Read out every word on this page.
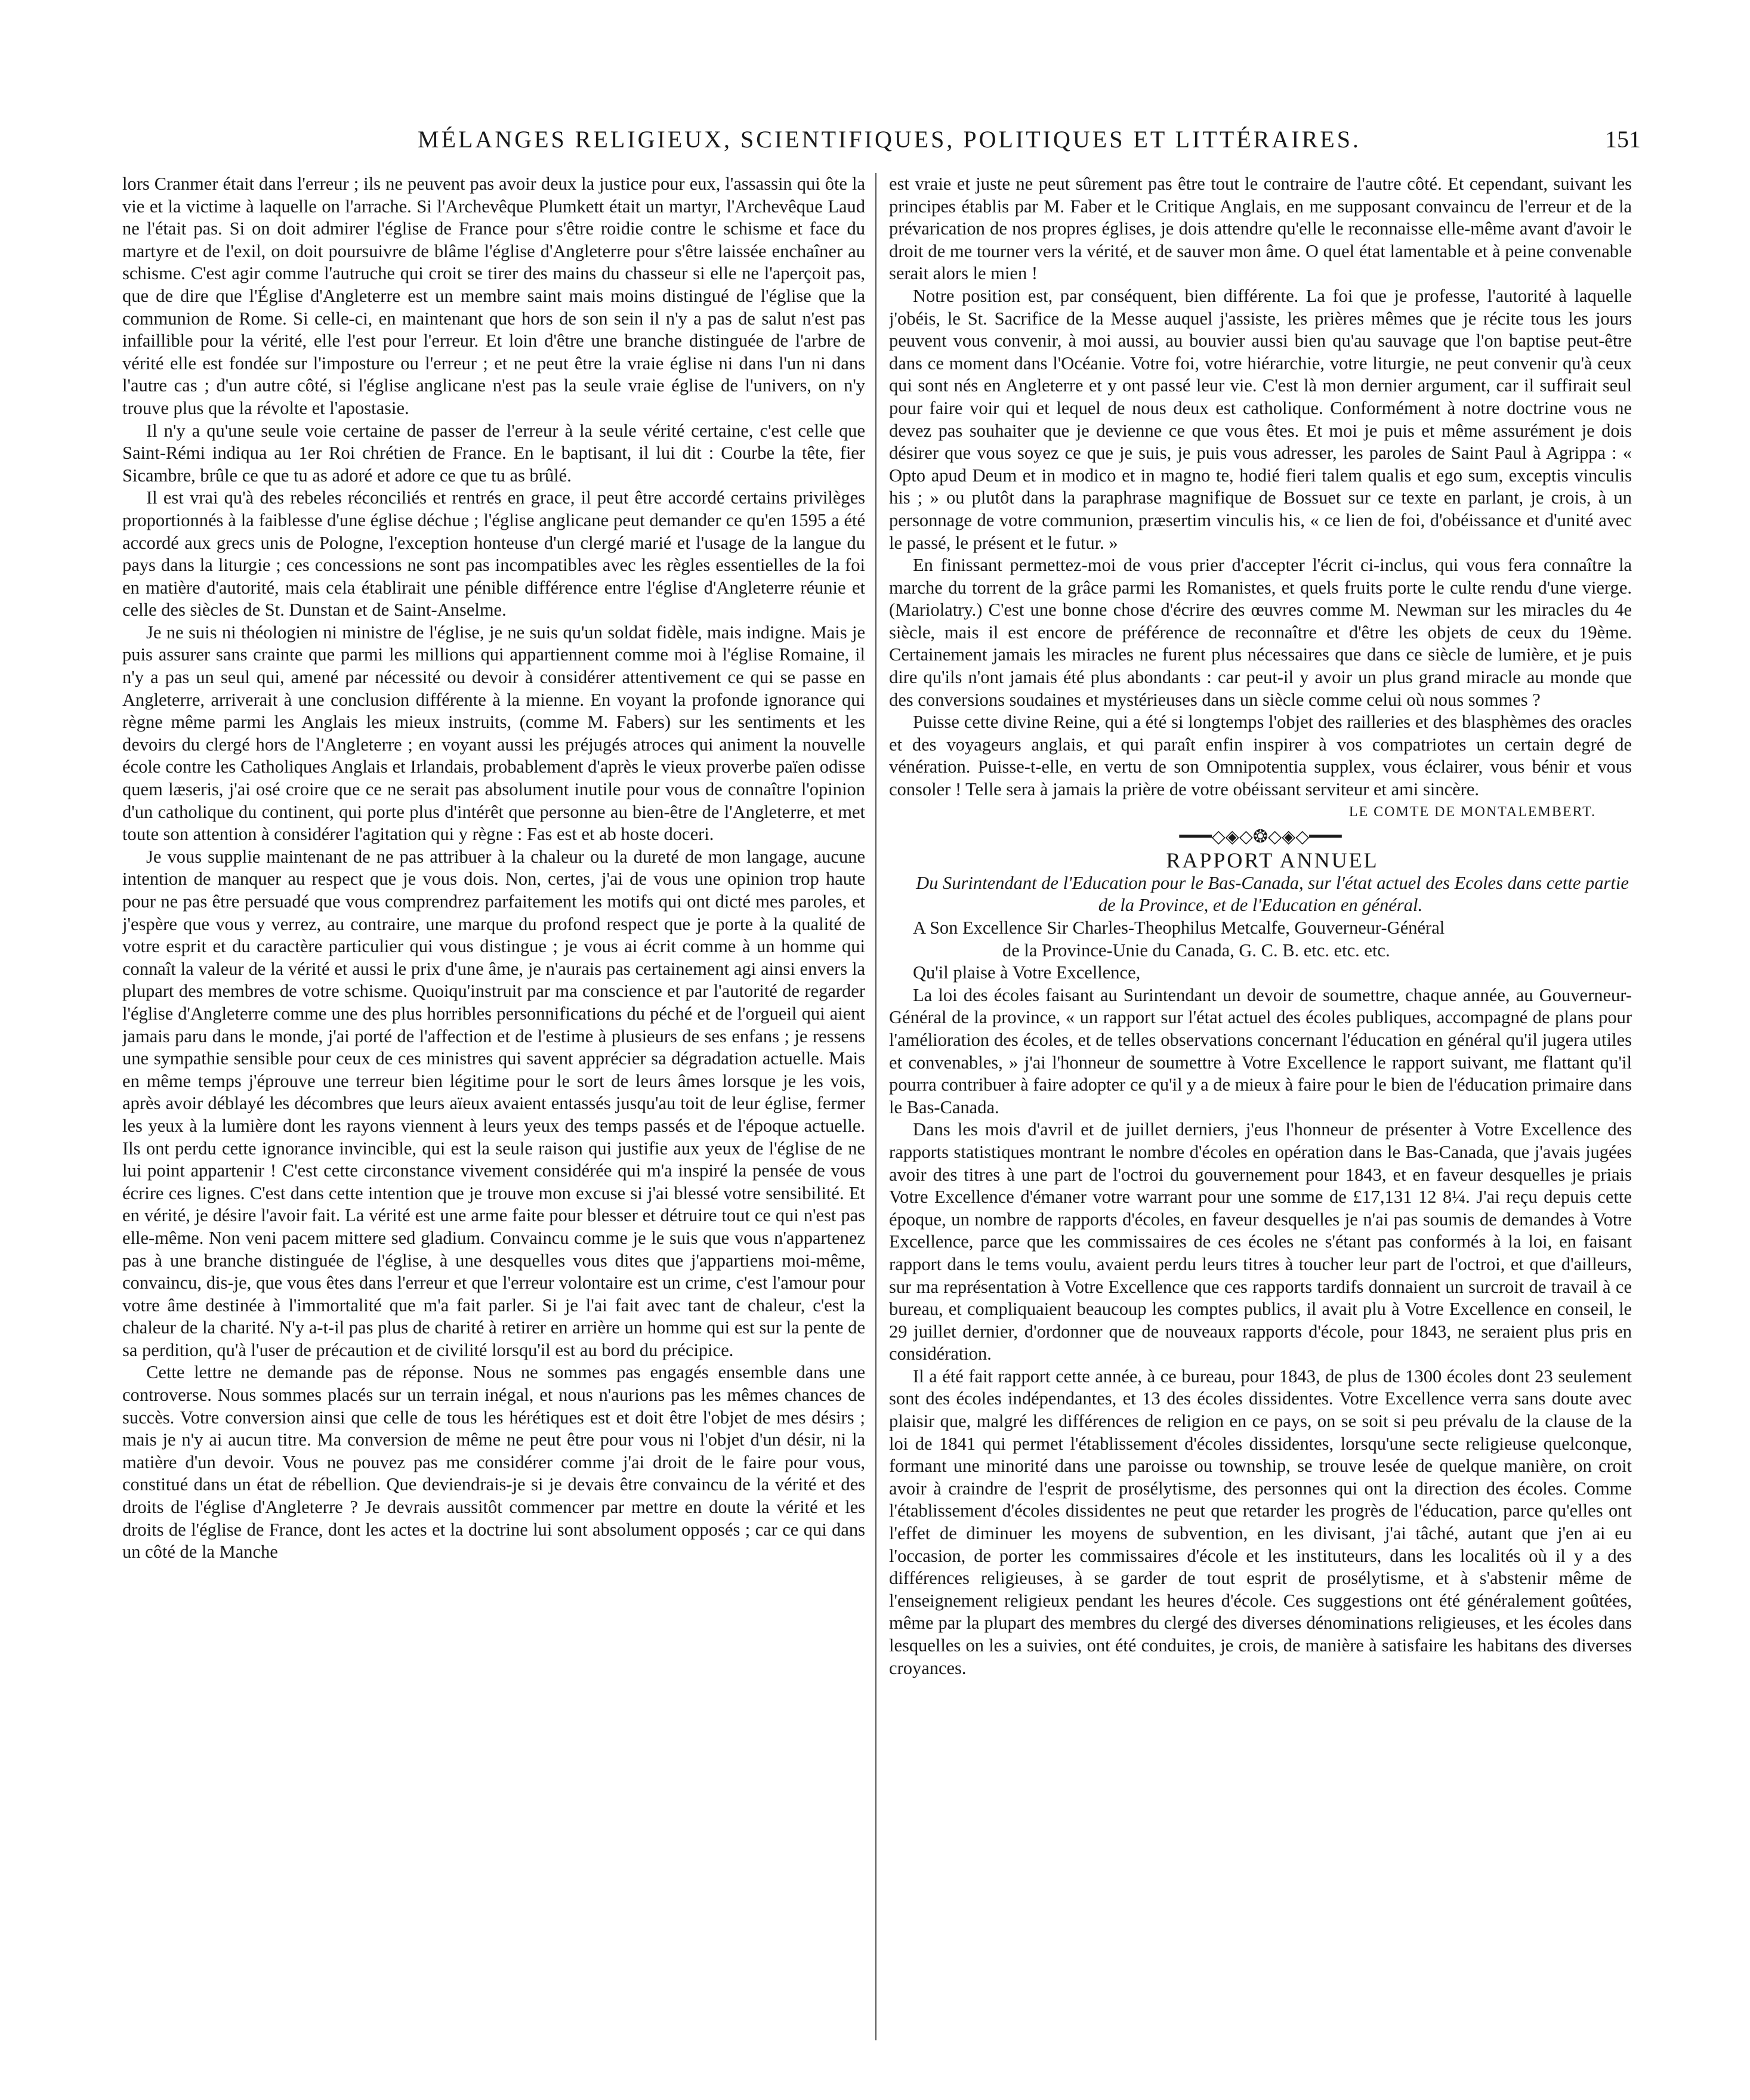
MÉLANGES RELIGIEUX, SCIENTIFIQUES, POLITIQUES ET LITTÉRAIRES.	151

lors Cranmer était dans l'erreur ; ils ne peuvent pas avoir deux la justice pour eux, l'assassin qui ôte la vie et la victime à laquelle on l'arrache. Si l'Archevêque Plumkett était un martyr, l'Archevêque Laud ne l'était pas. Si on doit admirer l'église de France pour s'être roidie contre le schisme et face du martyre et de l'exil, on doit poursuivre de blâme l'église d'Angleterre pour s'être laissée enchaîner au schisme. C'est agir comme l'autruche qui croit se tirer des mains du chasseur si elle ne l'aperçoit pas, que de dire que l'Église d'Angleterre est un membre saint mais moins distingué de l'église que la communion de Rome. Si celle-ci, en maintenant que hors de son sein il n'y a pas de salut n'est pas infaillible pour la vérité, elle l'est pour l'erreur. Et loin d'être une branche distinguée de l'arbre de vérité elle est fondée sur l'imposture ou l'erreur ; et ne peut être la vraie église ni dans l'un ni dans l'autre cas ; d'un autre côté, si l'église anglicane n'est pas la seule vraie église de l'univers, on n'y trouve plus que la révolte et l'apostasie.

Il n'y a qu'une seule voie certaine de passer de l'erreur à la seule vérité certaine, c'est celle que Saint-Rémi indiqua au 1er Roi chrétien de France. En le baptisant, il lui dit : Courbe la tête, fier Sicambre, brûle ce que tu as adoré et adore ce que tu as brûlé.

Il est vrai qu'à des rebeles réconciliés et rentrés en grace, il peut être accordé certains privilèges proportionnés à la faiblesse d'une église déchue ; l'église anglicane peut demander ce qu'en 1595 a été accordé aux grecs unis de Pologne, l'exception honteuse d'un clergé marié et l'usage de la langue du pays dans la liturgie ; ces concessions ne sont pas incompatibles avec les règles essentielles de la foi en matière d'autorité, mais cela établirait une pénible différence entre l'église d'Angleterre réunie et celle des siècles de St. Dunstan et de Saint-Anselme.

Je ne suis ni théologien ni ministre de l'église, je ne suis qu'un soldat fidèle, mais indigne. Mais je puis assurer sans crainte que parmi les millions qui appartiennent comme moi à l'église Romaine, il n'y a pas un seul qui, amené par nécessité ou devoir à considérer attentivement ce qui se passe en Angleterre, arriverait à une conclusion différente à la mienne. En voyant la profonde ignorance qui règne même parmi les Anglais les mieux instruits, (comme M. Fabers) sur les sentiments et les devoirs du clergé hors de l'Angleterre ; en voyant aussi les préjugés atroces qui animent la nouvelle école contre les Catholiques Anglais et Irlandais, probablement d'après le vieux proverbe païen odisse quem læseris, j'ai osé croire que ce ne serait pas absolument inutile pour vous de connaître l'opinion d'un catholique du continent, qui porte plus d'intérêt que personne au bien-être de l'Angleterre, et met toute son attention à considérer l'agitation qui y règne : Fas est et ab hoste doceri.

Je vous supplie maintenant de ne pas attribuer à la chaleur ou la dureté de mon langage, aucune intention de manquer au respect que je vous dois. Non, certes, j'ai de vous une opinion trop haute pour ne pas être persuadé que vous comprendrez parfaitement les motifs qui ont dicté mes paroles, et j'espère que vous y verrez, au contraire, une marque du profond respect que je porte à la qualité de votre esprit et du caractère particulier qui vous distingue ; je vous ai écrit comme à un homme qui connaît la valeur de la vérité et aussi le prix d'une âme, je n'aurais pas certainement agi ainsi envers la plupart des membres de votre schisme. Quoiqu'instruit par ma conscience et par l'autorité de regarder l'église d'Angleterre comme une des plus horribles personnifications du péché et de l'orgueil qui aient jamais paru dans le monde, j'ai porté de l'affection et de l'estime à plusieurs de ses enfans ; je ressens une sympathie sensible pour ceux de ces ministres qui savent apprécier sa dégradation actuelle. Mais en même temps j'éprouve une terreur bien légitime pour le sort de leurs âmes lorsque je les vois, après avoir déblayé les décombres que leurs aïeux avaient entassés jusqu'au toit de leur église, fermer les yeux à la lumière dont les rayons viennent à leurs yeux des temps passés et de l'époque actuelle. Ils ont perdu cette ignorance invincible, qui est la seule raison qui justifie aux yeux de l'église de ne lui point appartenir ! C'est cette circonstance vivement considérée qui m'a inspiré la pensée de vous écrire ces lignes. C'est dans cette intention que je trouve mon excuse si j'ai blessé votre sensibilité. Et en vérité, je désire l'avoir fait. La vérité est une arme faite pour blesser et détruire tout ce qui n'est pas elle-même. Non veni pacem mittere sed gladium. Convaincu comme je le suis que vous n'appartenez pas à une branche distinguée de l'église, à une desquelles vous dites que j'appartiens moi-même, convaincu, dis-je, que vous êtes dans l'erreur et que l'erreur volontaire est un crime, c'est l'amour pour votre âme destinée à l'immortalité que m'a fait parler. Si je l'ai fait avec tant de chaleur, c'est la chaleur de la charité. N'y a-t-il pas plus de charité à retirer en arrière un homme qui est sur la pente de sa perdition, qu'à l'user de précaution et de civilité lorsqu'il est au bord du précipice.

Cette lettre ne demande pas de réponse. Nous ne sommes pas engagés ensemble dans une controverse. Nous sommes placés sur un terrain inégal, et nous n'aurions pas les mêmes chances de succès. Votre conversion ainsi que celle de tous les hérétiques est et doit être l'objet de mes désirs ; mais je n'y ai aucun titre. Ma conversion de même ne peut être pour vous ni l'objet d'un désir, ni la matière d'un devoir. Vous ne pouvez pas me considérer comme j'ai droit de le faire pour vous, constitué dans un état de rébellion. Que deviendrais-je si je devais être convaincu de la vérité et des droits de l'église d'Angleterre ? Je devrais aussitôt commencer par mettre en doute la vérité et les droits de l'église de France, dont les actes et la doctrine lui sont absolument opposés ; car ce qui dans un côté de la Manche

est vraie et juste ne peut sûrement pas être tout le contraire de l'autre côté. Et cependant, suivant les principes établis par M. Faber et le Critique Anglais, en me supposant convaincu de l'erreur et de la prévarication de nos propres églises, je dois attendre qu'elle le reconnaisse elle-même avant d'avoir le droit de me tourner vers la vérité, et de sauver mon âme. O quel état lamentable et à peine convenable serait alors le mien !

Notre position est, par conséquent, bien différente. La foi que je professe, l'autorité à laquelle j'obéis, le St. Sacrifice de la Messe auquel j'assiste, les prières mêmes que je récite tous les jours peuvent vous convenir, à moi aussi, au bouvier aussi bien qu'au sauvage que l'on baptise peut-être dans ce moment dans l'Océanie. Votre foi, votre hiérarchie, votre liturgie, ne peut convenir qu'à ceux qui sont nés en Angleterre et y ont passé leur vie. C'est là mon dernier argument, car il suffirait seul pour faire voir qui et lequel de nous deux est catholique. Conformément à notre doctrine vous ne devez pas souhaiter que je devienne ce que vous êtes. Et moi je puis et même assurément je dois désirer que vous soyez ce que je suis, je puis vous adresser, les paroles de Saint Paul à Agrippa : « Opto apud Deum et in modico et in magno te, hodié fieri talem qualis et ego sum, exceptis vinculis his ; » ou plutôt dans la paraphrase magnifique de Bossuet sur ce texte en parlant, je crois, à un personnage de votre communion, præsertim vinculis his, « ce lien de foi, d'obéissance et d'unité avec le passé, le présent et le futur. »

En finissant permettez-moi de vous prier d'accepter l'écrit ci-inclus, qui vous fera connaître la marche du torrent de la grâce parmi les Romanistes, et quels fruits porte le culte rendu d'une vierge. (Mariolatry.) C'est une bonne chose d'écrire des œuvres comme M. Newman sur les miracles du 4e siècle, mais il est encore de préférence de reconnaître et d'être les objets de ceux du 19ème. Certainement jamais les miracles ne furent plus nécessaires que dans ce siècle de lumière, et je puis dire qu'ils n'ont jamais été plus abondants : car peut-il y avoir un plus grand miracle au monde que des conversions soudaines et mystérieuses dans un siècle comme celui où nous sommes ?

Puisse cette divine Reine, qui a été si longtemps l'objet des railleries et des blasphèmes des oracles et des voyageurs anglais, et qui paraît enfin inspirer à vos compatriotes un certain degré de vénération. Puisse-t-elle, en vertu de son Omnipotentia supplex, vous éclairer, vous bénir et vous consoler ! Telle sera à jamais la prière de votre obéissant serviteur et ami sincère.

LE COMTE DE MONTALEMBERT.

━━━◇◈◇❂◇◈◇━━━

RAPPORT ANNUEL

Du Surintendant de l'Education pour le Bas-Canada, sur l'état actuel des Ecoles dans cette partie de la Province, et de l'Education en général.

A Son Excellence Sir Charles-Theophilus Metcalfe, Gouverneur-Général

de la Province-Unie du Canada, G. C. B. etc. etc. etc.

Qu'il plaise à Votre Excellence,

La loi des écoles faisant au Surintendant un devoir de soumettre, chaque année, au Gouverneur-Général de la province, « un rapport sur l'état actuel des écoles publiques, accompagné de plans pour l'amélioration des écoles, et de telles observations concernant l'éducation en général qu'il jugera utiles et convenables, » j'ai l'honneur de soumettre à Votre Excellence le rapport suivant, me flattant qu'il pourra contribuer à faire adopter ce qu'il y a de mieux à faire pour le bien de l'éducation primaire dans le Bas-Canada.

Dans les mois d'avril et de juillet derniers, j'eus l'honneur de présenter à Votre Excellence des rapports statistiques montrant le nombre d'écoles en opération dans le Bas-Canada, que j'avais jugées avoir des titres à une part de l'octroi du gouvernement pour 1843, et en faveur desquelles je priais Votre Excellence d'émaner votre warrant pour une somme de £17,131 12 8¼. J'ai reçu depuis cette époque, un nombre de rapports d'écoles, en faveur desquelles je n'ai pas soumis de demandes à Votre Excellence, parce que les commissaires de ces écoles ne s'étant pas conformés à la loi, en faisant rapport dans le tems voulu, avaient perdu leurs titres à toucher leur part de l'octroi, et que d'ailleurs, sur ma représentation à Votre Excellence que ces rapports tardifs donnaient un surcroit de travail à ce bureau, et compliquaient beaucoup les comptes publics, il avait plu à Votre Excellence en conseil, le 29 juillet dernier, d'ordonner que de nouveaux rapports d'école, pour 1843, ne seraient plus pris en considération.

Il a été fait rapport cette année, à ce bureau, pour 1843, de plus de 1300 écoles dont 23 seulement sont des écoles indépendantes, et 13 des écoles dissidentes. Votre Excellence verra sans doute avec plaisir que, malgré les différences de religion en ce pays, on se soit si peu prévalu de la clause de la loi de 1841 qui permet l'établissement d'écoles dissidentes, lorsqu'une secte religieuse quelconque, formant une minorité dans une paroisse ou township, se trouve lesée de quelque manière, on croit avoir à craindre de l'esprit de prosélytisme, des personnes qui ont la direction des écoles. Comme l'établissement d'écoles dissidentes ne peut que retarder les progrès de l'éducation, parce qu'elles ont l'effet de diminuer les moyens de subvention, en les divisant, j'ai tâché, autant que j'en ai eu l'occasion, de porter les commissaires d'école et les instituteurs, dans les localités où il y a des différences religieuses, à se garder de tout esprit de prosélytisme, et à s'abstenir même de l'enseignement religieux pendant les heures d'école. Ces suggestions ont été généralement goûtées, même par la plupart des membres du clergé des diverses dénominations religieuses, et les écoles dans lesquelles on les a suivies, ont été conduites, je crois, de manière à satisfaire les habitans des diverses croyances.
